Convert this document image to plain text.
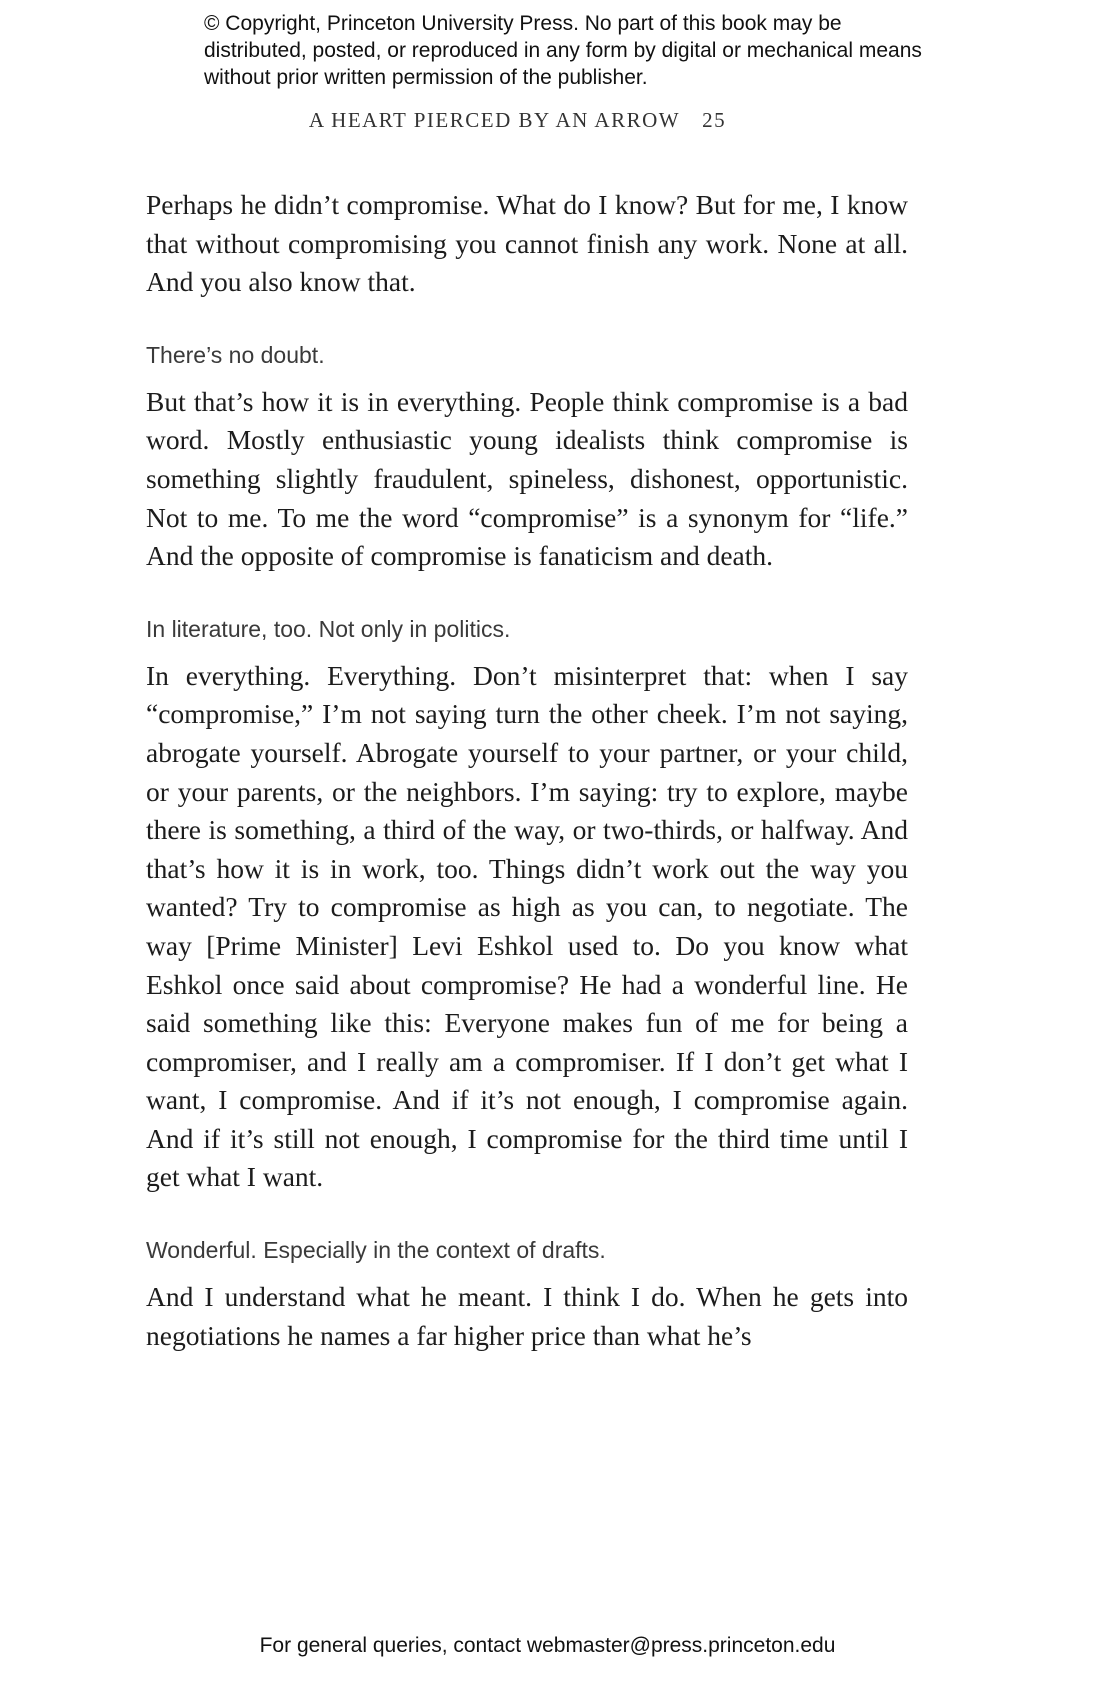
© Copyright, Princeton University Press. No part of this book may be distributed, posted, or reproduced in any form by digital or mechanical means without prior written permission of the publisher.
A HEART PIERCED BY AN ARROW 25

Perhaps he didn’t compromise. What do I know? But for me, I know that without compromising you cannot finish any work. None at all. And you also know that.

There’s no doubt.

But that’s how it is in everything. People think compromise is a bad word. Mostly enthusiastic young idealists think compromise is something slightly fraudulent, spineless, dishonest, opportunistic. Not to me. To me the word “compromise” is a synonym for “life.” And the opposite of compromise is fanaticism and death.

In literature, too. Not only in politics.

In everything. Everything. Don’t misinterpret that: when I say “compromise,” I’m not saying turn the other cheek. I’m not saying, abrogate yourself. Abrogate yourself to your partner, or your child, or your parents, or the neighbors. I’m saying: try to explore, maybe there is something, a third of the way, or two-thirds, or halfway. And that’s how it is in work, too. Things didn’t work out the way you wanted? Try to compromise as high as you can, to negotiate. The way [Prime Minister] Levi Eshkol used to. Do you know what Eshkol once said about compromise? He had a wonderful line. He said something like this: Everyone makes fun of me for being a compromiser, and I really am a compromiser. If I don’t get what I want, I compromise. And if it’s not enough, I compromise again. And if it’s still not enough, I compromise for the third time until I get what I want.

Wonderful. Especially in the context of drafts.

And I understand what he meant. I think I do. When he gets into negotiations he names a far higher price than what he’s

For general queries, contact webmaster@press.princeton.edu
